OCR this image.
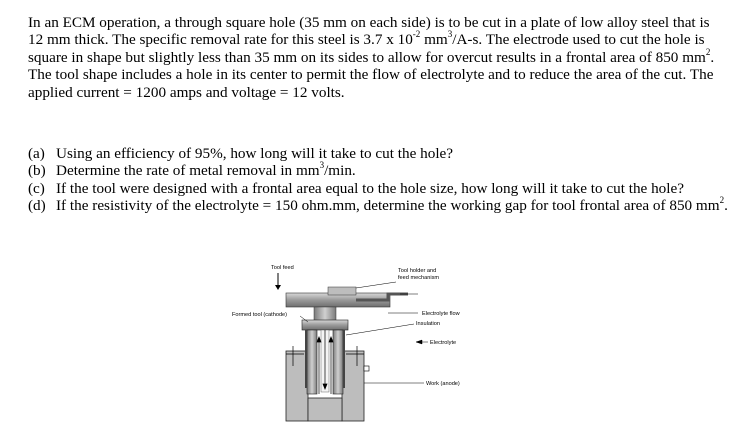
In an ECM operation, a through square hole (35 mm on each side) is to be cut in a plate of low alloy steel that is 12 mm thick. The specific removal rate for this steel is 3.7 x $10^{-2}$ $mm^3/A-s$. The electrode used to cut the hole is square in shape but slightly less than 35 mm on its sides to allow for overcut results in a frontal area of 850 $mm^2$. The tool shape includes a hole in its center to permit the flow of electrolyte and to reduce the area of the cut. The applied current = 1200 amps and voltage = 12 volts.

(a) Using an efficiency of 95%, how long will it take to cut the hole?
(b) Determine the rate of metal removal in $mm^3/\min$.
(c) If the tool were designed with a frontal area equal to the hole size, how long will it take to cut the hole?
(d) If the resistivity of the electrolyte = 150 ohm.mm, determine the working gap for tool frontal area of 850 $mm^2$.
Tool feed	Tool holder and
feed mechanism
Formed tool (cathode)	Electrolyte flow
Insulation
Electrolyte
Work (anode)
